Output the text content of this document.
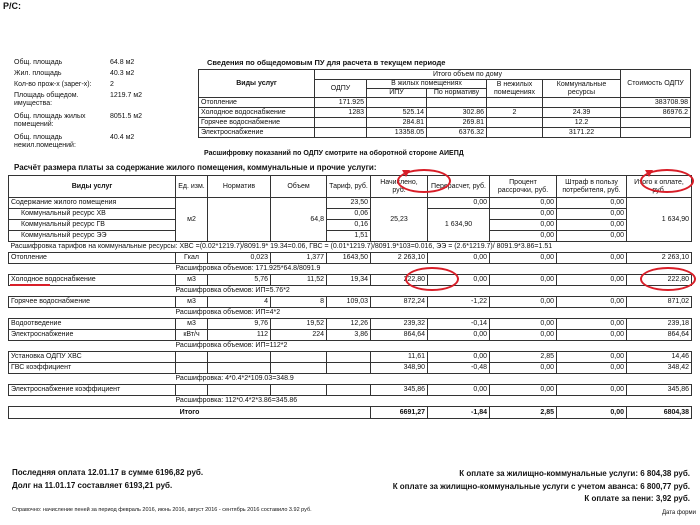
Р/С:
Общ. площадь	64.8 м2
Жил. площадь	40.3 м2
Кол-во прож-х (зарег-х):	2
Площадь общедом. имущества:
1219.7 м2
Общ. площадь жилых помещений:
8051.5 м2
Общ. площадь нежил.помещений:
40.4 м2
Сведения по общедомовым ПУ для расчета в текущем периоде
Виды услуг	Итого объем по дому					Стоимость ОДПУ
	ОДПУ	В жилых помещениях		В нежилых помещениях	Коммунальные ресурсы	
		ИПУ	По нормативу			
Отопление	171.925					383708.98
Холодное водоснабжение	1283	525.14	302.86	2	24.39	86976.2
Горячее водоснабжение		284.81	269.81		12.2	
Электроснабжение		13358.05	6376.32		3171.22	
Расшифровку показаний по ОДПУ смотрите на оборотной стороне АИЕПД
Расчёт размера платы за содержание жилого помещения, коммунальные и прочие услуги:
Виды услуг	Ед. изм.	Норматив	Объем	Тариф, руб.	Начислено, руб.	Перерасчет, руб.	Процент рассрочки, руб.	Штраф в пользу потребителя, руб.	Итого к оплате, руб.
Содержание жилого помещения	м2		64,8	23,50	25,23	0,00	0,00	0,00	1 634,90
Коммунальный ресурс ХВ				0,06		1 634,90	0,00	0,00	
Коммунальный ресурс ГВ				0,16			0,00	0,00	
Коммунальный ресурс ЭЭ				1,51			0,00	0,00	
Расшифровка тарифов на коммунальные ресурсы: ХВС =(0.02*1219.7)/8091.9* 19.34=0.06, ГВС = (0.01*1219.7)/8091.9*103=0.016, ЭЭ = (2.6*1219.7)/ 8091.9*3.86=1.51									
Отопление	Гкал	0,023	1,377	1643,50	2 263,10	0,00	0,00	0,00	2 263,10
	Расшифровка объемов: 171.925*64.8/8091.9								
Холодное водоснабжение	м3	5,76	11,52	19,34	222,80	0,00	0,00	0,00	222,80
	Расшифровка объемов: ИП=5.76*2								
Горячее водоснабжение	м3	4	8	109,03	872,24	-1,22	0,00	0,00	871,02
	Расшифровка объемов: ИП=4*2								
Водоотведение	м3	9,76	19,52	12,26	239,32	-0,14	0,00	0,00	239,18
Электроснабжение	кВт/ч	112	224	3,86	864,64	0,00	0,00	0,00	864,64
	Расшифровка объемов: ИП=112*2								
Установка ОДПУ ХВС					11,61	0,00	2,85	0,00	14,46
ГВС коэффициент					348,90	-0,48	0,00	0,00	348,42
	Расшифровка: 4*0.4*2*109.03=348.9								
Электроснабжение коэффициент					345,86	0,00	0,00	0,00	345,86
	Расшифровка: 112*0.4*2*3.86=345.86								
Итого					6691,27	-1,84	2,85	0,00	6804,38
Последняя оплата 12.01.17 в сумме 6196,82 руб.
Долг на 11.01.17 составляет 6193,21 руб.
К оплате за жилищно-коммунальные услуги: 6 804,38 руб.
К оплате за жилищно-коммунальные услуги с учетом аванса: 6 800,77 руб.
К оплате за пени: 3,92 руб.
Справочно: начисление пеней за период февраль 2016, июнь 2016, август 2016 - сентябрь 2016 составило 3.92 руб.	Дата форми
